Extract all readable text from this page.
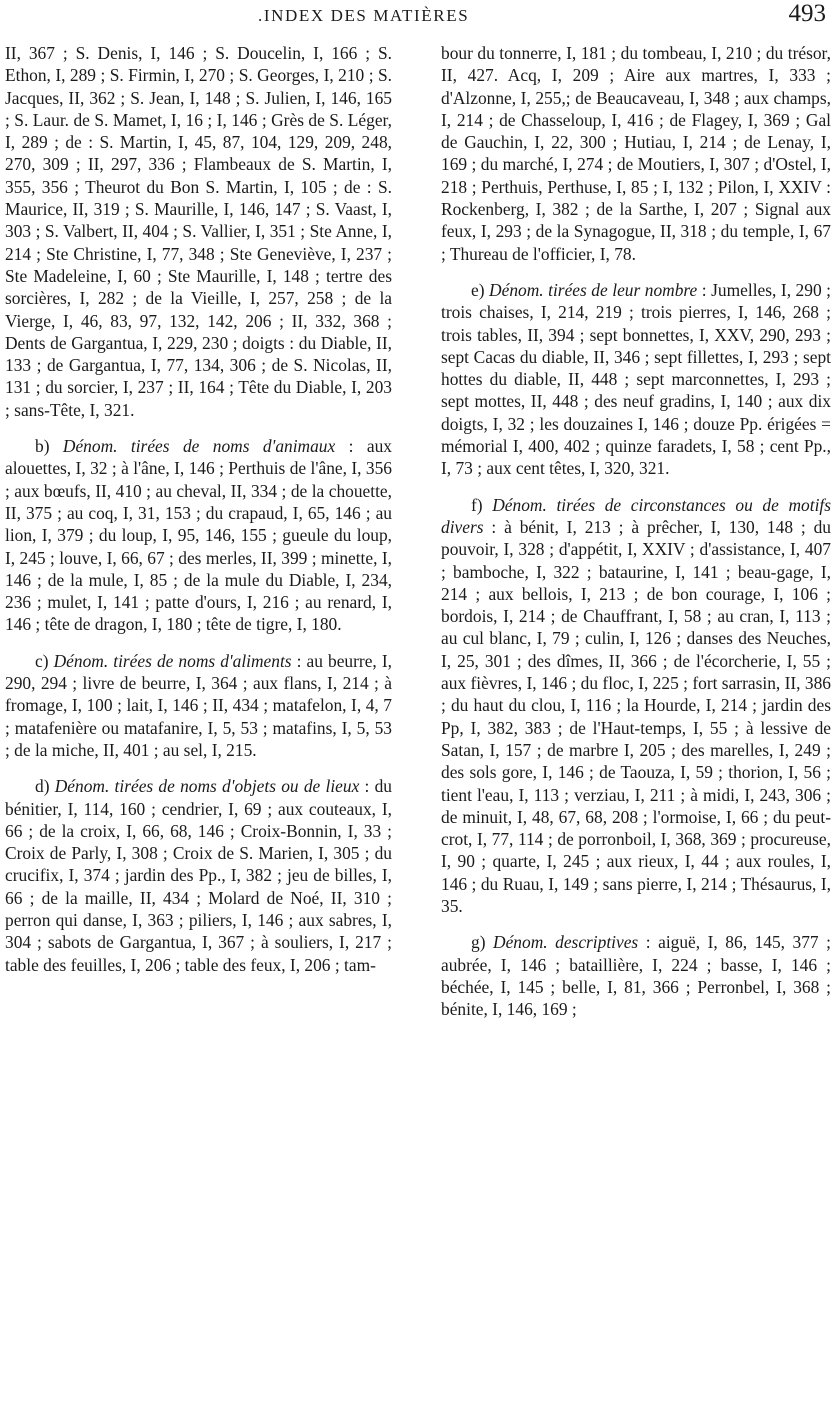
.INDEX DES MATIÈRES	493

II, 367 ; S. Denis, I, 146 ; S. Doucelin, I, 166 ; S. Ethon, I, 289 ; S. Firmin, I, 270 ; S. Georges, I, 210 ; S. Jacques, II, 362 ; S. Jean, I, 148 ; S. Julien, I, 146, 165 ; S. Laur. de S. Mamet, I, 16 ; I, 146 ; Grès de S. Léger, I, 289 ; de : S. Martin, I, 45, 87, 104, 129, 209, 248, 270, 309 ; II, 297, 336 ; Flambeaux de S. Martin, I, 355, 356 ; Theurot du Bon S. Martin, I, 105 ; de : S. Maurice, II, 319 ; S. Maurille, I, 146, 147 ; S. Vaast, I, 303 ; S. Valbert, II, 404 ; S. Vallier, I, 351 ; Ste Anne, I, 214 ; Ste Christine, I, 77, 348 ; Ste Geneviève, I, 237 ; Ste Madeleine, I, 60 ; Ste Maurille, I, 148 ; tertre des sorcières, I, 282 ; de la Vieille, I, 257, 258 ; de la Vierge, I, 46, 83, 97, 132, 142, 206 ; II, 332, 368 ; Dents de Gargantua, I, 229, 230 ; doigts : du Diable, II, 133 ; de Gargantua, I, 77, 134, 306 ; de S. Nicolas, II, 131 ; du sorcier, I, 237 ; II, 164 ; Tête du Diable, I, 203 ; sans-Tête, I, 321.

b) Dénom. tirées de noms d'animaux : aux alouettes, I, 32 ; à l'âne, I, 146 ; Perthuis de l'âne, I, 356 ; aux bœufs, II, 410 ; au cheval, II, 334 ; de la chouette, II, 375 ; au coq, I, 31, 153 ; du crapaud, I, 65, 146 ; au lion, I, 379 ; du loup, I, 95, 146, 155 ; gueule du loup, I, 245 ; louve, I, 66, 67 ; des merles, II, 399 ; minette, I, 146 ; de la mule, I, 85 ; de la mule du Diable, I, 234, 236 ; mulet, I, 141 ; patte d'ours, I, 216 ; au renard, I, 146 ; tête de dragon, I, 180 ; tête de tigre, I, 180.

c) Dénom. tirées de noms d'aliments : au beurre, I, 290, 294 ; livre de beurre, I, 364 ; aux flans, I, 214 ; à fromage, I, 100 ; lait, I, 146 ; II, 434 ; matafelon, I, 4, 7 ; matafenière ou matafanire, I, 5, 53 ; matafins, I, 5, 53 ; de la miche, II, 401 ; au sel, I, 215.

d) Dénom. tirées de noms d'objets ou de lieux : du bénitier, I, 114, 160 ; cendrier, I, 69 ; aux couteaux, I, 66 ; de la croix, I, 66, 68, 146 ; Croix-Bonnin, I, 33 ; Croix de Parly, I, 308 ; Croix de S. Marien, I, 305 ; du crucifix, I, 374 ; jardin des Pp., I, 382 ; jeu de billes, I, 66 ; de la maille, II, 434 ; Molard de Noé, II, 310 ; perron qui danse, I, 363 ; piliers, I, 146 ; aux sabres, I, 304 ; sabots de Gargantua, I, 367 ; à souliers, I, 217 ; table des feuilles, I, 206 ; table des feux, I, 206 ; tam-

bour du tonnerre, I, 181 ; du tombeau, I, 210 ; du trésor, II, 427. Acq, I, 209 ; Aire aux martres, I, 333 ; d'Alzonne, I, 255,; de Beaucaveau, I, 348 ; aux champs, I, 214 ; de Chasseloup, I, 416 ; de Flagey, I, 369 ; Gal de Gauchin, I, 22, 300 ; Hutiau, I, 214 ; de Lenay, I, 169 ; du marché, I, 274 ; de Moutiers, I, 307 ; d'Ostel, I, 218 ; Perthuis, Perthuse, I, 85 ; I, 132 ; Pilon, I, XXIV : Rockenberg, I, 382 ; de la Sarthe, I, 207 ; Signal aux feux, I, 293 ; de la Synagogue, II, 318 ; du temple, I, 67 ; Thureau de l'officier, I, 78.

e) Dénom. tirées de leur nombre : Jumelles, I, 290 ; trois chaises, I, 214, 219 ; trois pierres, I, 146, 268 ; trois tables, II, 394 ; sept bonnettes, I, XXV, 290, 293 ; sept Cacas du diable, II, 346 ; sept fillettes, I, 293 ; sept hottes du diable, II, 448 ; sept marconnettes, I, 293 ; sept mottes, II, 448 ; des neuf gradins, I, 140 ; aux dix doigts, I, 32 ; les douzaines I, 146 ; douze Pp. érigées = mémorial I, 400, 402 ; quinze faradets, I, 58 ; cent Pp., I, 73 ; aux cent têtes, I, 320, 321.

f) Dénom. tirées de circonstances ou de motifs divers : à bénit, I, 213 ; à prêcher, I, 130, 148 ; du pouvoir, I, 328 ; d'appétit, I, XXIV ; d'assistance, I, 407 ; bamboche, I, 322 ; bataurine, I, 141 ; beau-gage, I, 214 ; aux bellois, I, 213 ; de bon courage, I, 106 ; bordois, I, 214 ; de Chauffrant, I, 58 ; au cran, I, 113 ; au cul blanc, I, 79 ; culin, I, 126 ; danses des Neuches, I, 25, 301 ; des dîmes, II, 366 ; de l'écorcherie, I, 55 ; aux fièvres, I, 146 ; du floc, I, 225 ; fort sarrasin, II, 386 ; du haut du clou, I, 116 ; la Hourde, I, 214 ; jardin des Pp, I, 382, 383 ; de l'Haut-temps, I, 55 ; à lessive de Satan, I, 157 ; de marbre I, 205 ; des marelles, I, 249 ; des sols gore, I, 146 ; de Taouza, I, 59 ; thorion, I, 56 ; tient l'eau, I, 113 ; verziau, I, 211 ; à midi, I, 243, 306 ; de minuit, I, 48, 67, 68, 208 ; l'ormoise, I, 66 ; du peut-crot, I, 77, 114 ; de porronboil, I, 368, 369 ; procureuse, I, 90 ; quarte, I, 245 ; aux rieux, I, 44 ; aux roules, I, 146 ; du Ruau, I, 149 ; sans pierre, I, 214 ; Thésaurus, I, 35.

g) Dénom. descriptives : aiguë, I, 86, 145, 377 ; aubrée, I, 146 ; bataillière, I, 224 ; basse, I, 146 ; béchée, I, 145 ; belle, I, 81, 366 ; Perronbel, I, 368 ; bénite, I, 146, 169 ;
